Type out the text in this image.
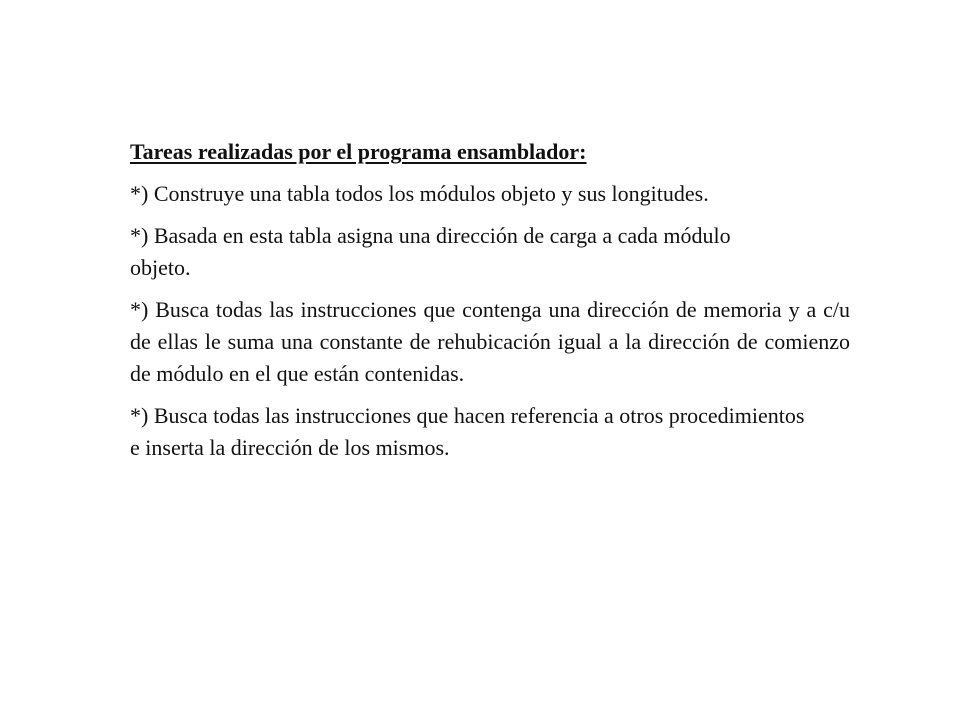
Tareas realizadas por el programa ensamblador:
*) Construye una tabla todos los módulos objeto y sus longitudes.
*) Basada en esta tabla asigna una dirección de carga a cada módulo objeto.
*) Busca todas las instrucciones que contenga una dirección de memoria y a c/u de ellas le suma una constante de rehubicación igual a la dirección de comienzo de módulo en el que están contenidas.
*) Busca todas las instrucciones que hacen referencia a otros procedimientos e inserta la dirección de los mismos.
